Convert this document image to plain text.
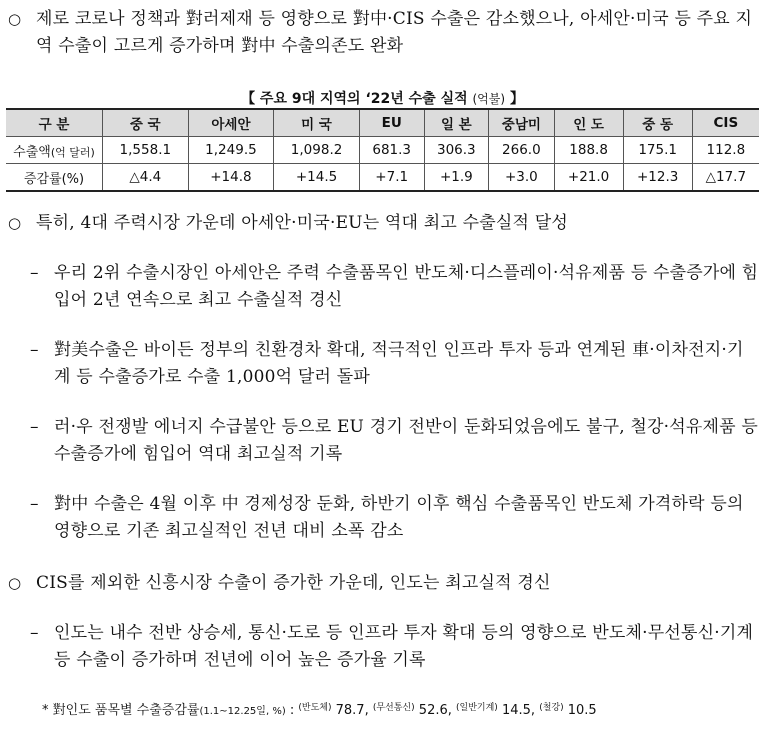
○ 제로 코로나 정책과 對러제재 등 영향으로 對中·CIS 수출은 감소했으나, 아세안·미국 등 주요 지역 수출이 고르게 증가하며 對中 수출의존도 완화
【 주요 9대 지역의 ‘22년 수출 실적 (억불) 】
구 분	중 국	아세안	미 국	EU	일 본	중남미	인 도	중 동	CIS
수출액(억 달러)	1,558.1	1,249.5	1,098.2	681.3	306.3	266.0	188.8	175.1	112.8
증감률(%)	△4.4	+14.8	+14.5	+7.1	+1.9	+3.0	+21.0	+12.3	△17.7
○ 특히, 4대 주력시장 가운데 아세안·미국·EU는 역대 최고 수출실적 달성
– 우리 2위 수출시장인 아세안은 주력 수출품목인 반도체·디스플레이·석유제품 등 수출증가에 힘입어 2년 연속으로 최고 수출실적 경신
– 對美수출은 바이든 정부의 친환경차 확대, 적극적인 인프라 투자 등과 연계된 車·이차전지·기계 등 수출증가로 수출 1,000억 달러 돌파
– 러·우 전쟁발 에너지 수급불안 등으로 EU 경기 전반이 둔화되었음에도 불구, 철강·석유제품 등 수출증가에 힘입어 역대 최고실적 기록
– 對中 수출은 4월 이후 中 경제성장 둔화, 하반기 이후 핵심 수출품목인 반도체 가격하락 등의 영향으로 기존 최고실적인 전년 대비 소폭 감소
○ CIS를 제외한 신흥시장 수출이 증가한 가운데, 인도는 최고실적 경신
– 인도는 내수 전반 상승세, 통신·도로 등 인프라 투자 확대 등의 영향으로 반도체·무선통신·기계 등 수출이 증가하며 전년에 이어 높은 증가율 기록
* 對인도 품목별 수출증감률(1.1~12.25일, %) : $^{(반도체)}$ 78.7, $^{(무선통신)}$ 52.6, $^{(일반기계)}$ 14.5, $^{(철강)}$ 10.5
